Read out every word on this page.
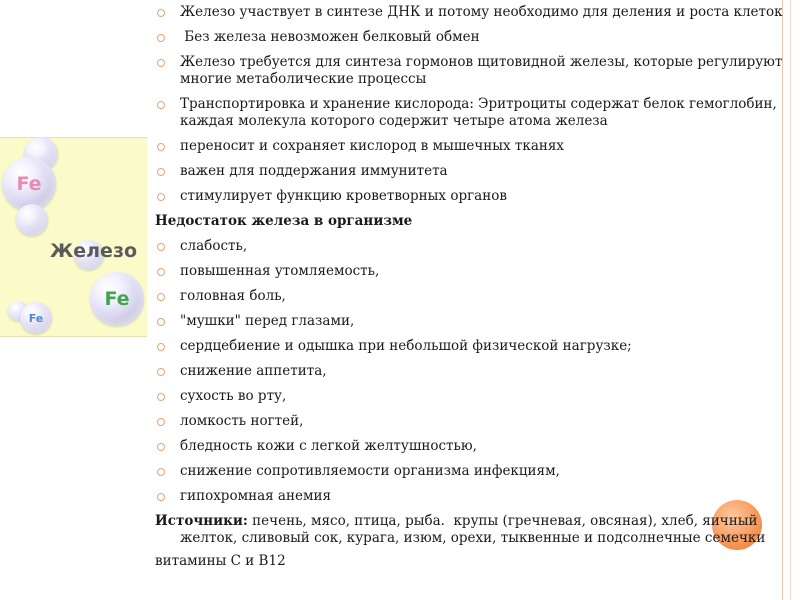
Fe
Fe
Fe
Железо
Железо участвует в синтезе ДНК и потому необходимо для деления и роста клеток
Без железа невозможен белковый обмен
Железо требуется для синтеза гормонов щитовидной железы, которые регулируют многие метаболические процессы
Транспортировка и хранение кислорода: Эритроциты содержат белок гемоглобин, каждая молекула которого содержит четыре атома железа
переносит и сохраняет кислород в мышечных тканях
важен для поддержания иммунитета
стимулирует функцию кроветворных органов
Недостаток железа в организме
слабость,
повышенная утомляемость,
головная боль,
"мушки" перед глазами,
сердцебиение и одышка при небольшой физической нагрузке;
снижение аппетита,
сухость во рту,
ломкость ногтей,
бледность кожи с легкой желтушностью,
снижение сопротивляемости организма инфекциям,
гипохромная анемия
Источники: печень, мясо, птица, рыба.  крупы (гречневая, овсяная), хлеб, яичный
желток, сливовый сок, курага, изюм, орехи, тыквенные и подсолнечные семечки
витамины С и В12
